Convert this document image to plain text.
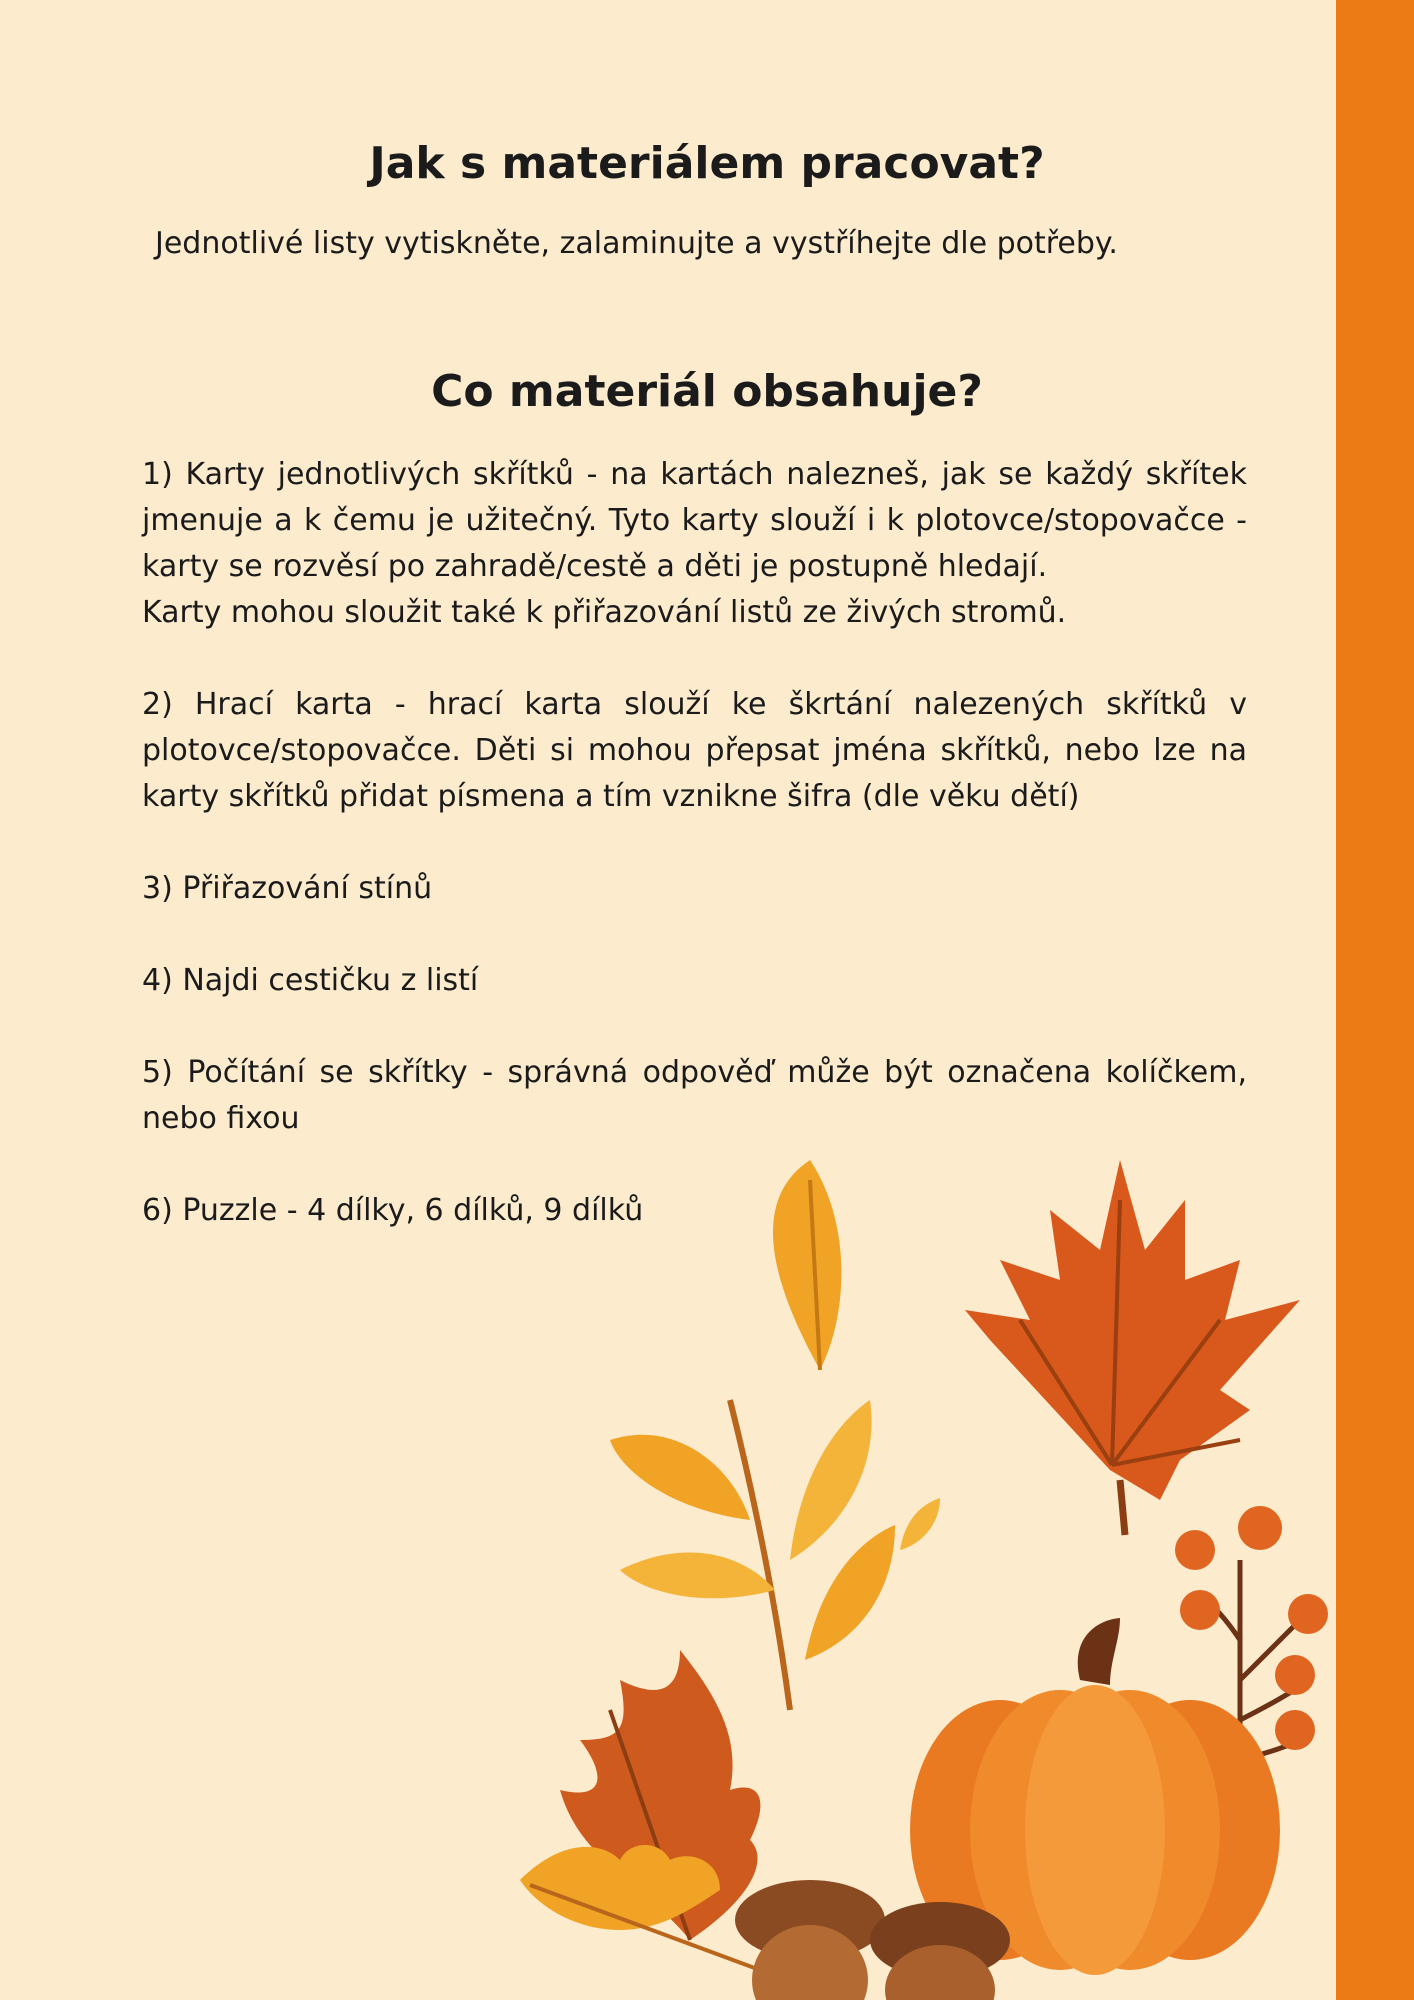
Jak s materiálem pracovat?

Jednotlivé listy vytiskněte, zalaminujte a vystříhejte dle potřeby.

Co materiál obsahuje?

1) Karty jednotlivých skřítků - na kartách nalezneš, jak se každý skřítek jmenuje a k čemu je užitečný. Tyto karty slouží i k plotovce/stopovačce - karty se rozvěsí po zahradě/cestě a děti je postupně hledají.

Karty mohou sloužit také k přiřazování listů ze živých stromů.

2) Hrací karta - hrací karta slouží ke škrtání nalezených skřítků v plotovce/stopovačce. Děti si mohou přepsat jména skřítků, nebo lze na karty skřítků přidat písmena a tím vznikne šifra (dle věku dětí)

3) Přiřazování stínů

4) Najdi cestičku z listí

5) Počítání se skřítky - správná odpověď může být označena kolíčkem, nebo fixou

6) Puzzle - 4 dílky, 6 dílků, 9 dílků
